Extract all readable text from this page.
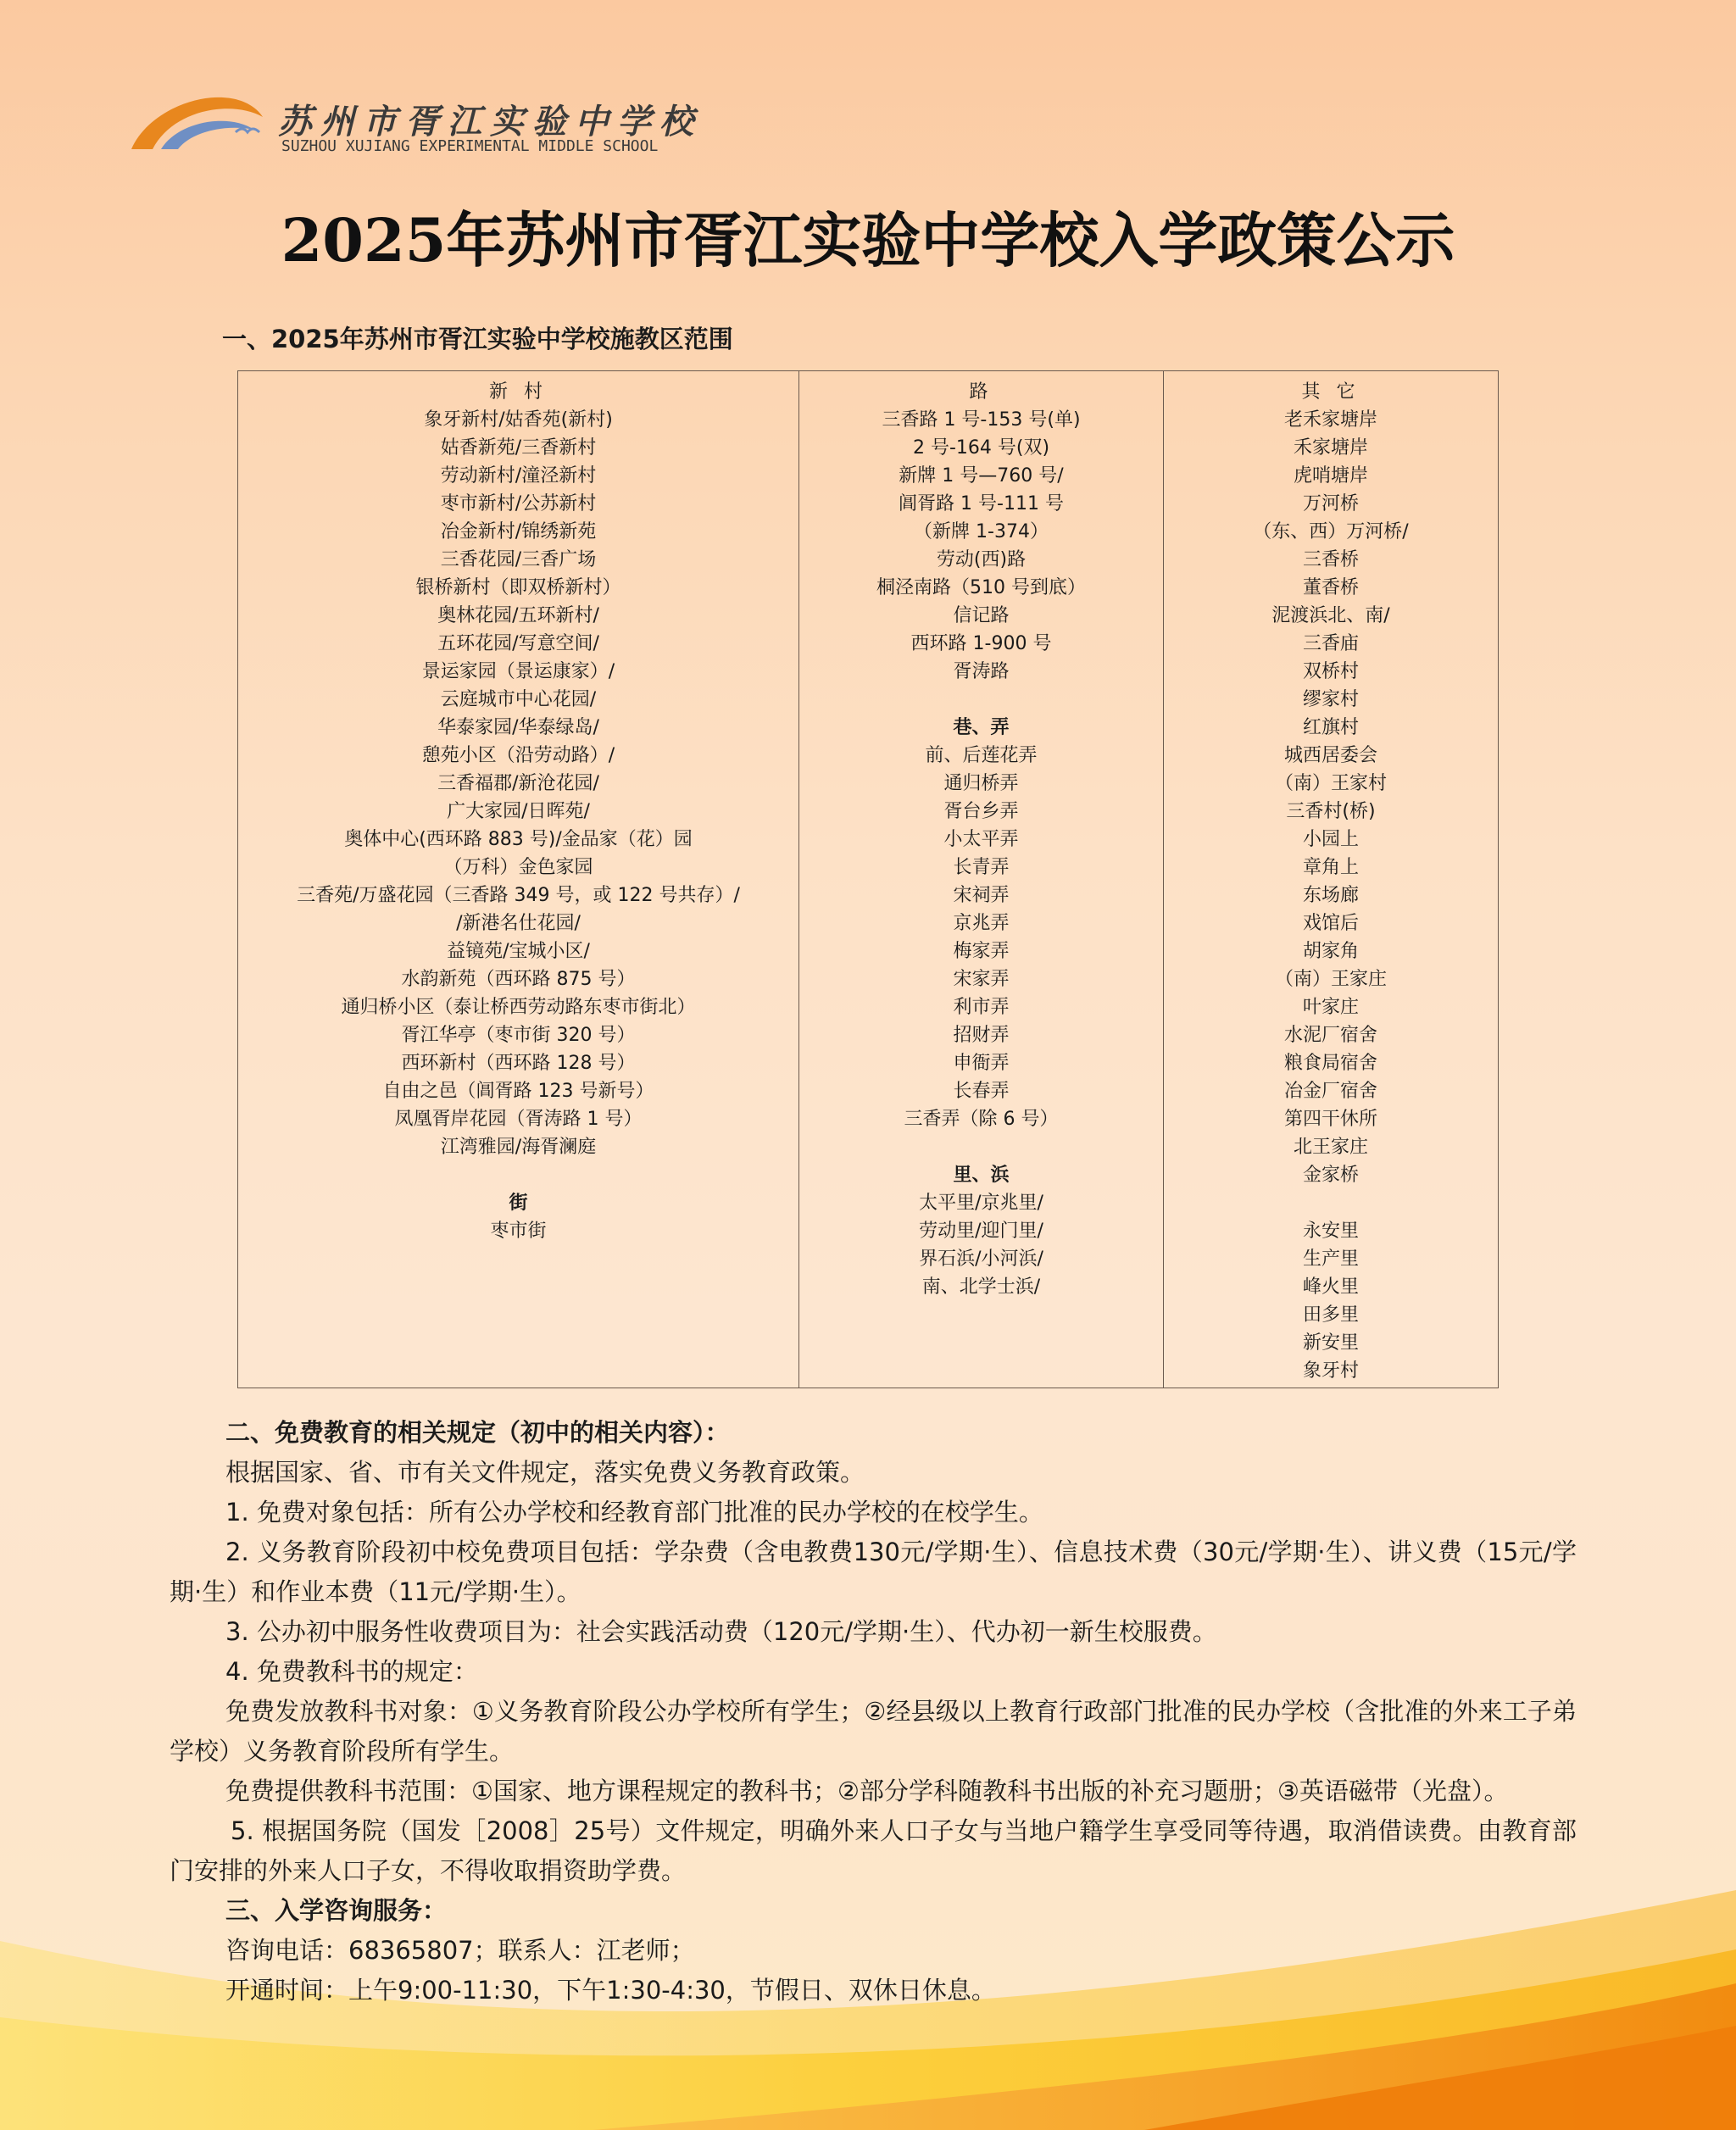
苏州市胥江实验中学校
SUZHOU XUJIANG EXPERIMENTAL MIDDLE SCHOOL
2025年苏州市胥江实验中学校入学政策公示
一、2025年苏州市胥江实验中学校施教区范围
新 村
象牙新村/姑香苑(新村)
姑香新苑/三香新村
劳动新村/潼泾新村
枣市新村/公苏新村
冶金新村/锦绣新苑
三香花园/三香广场
银桥新村（即双桥新村）
奥林花园/五环新村/
五环花园/写意空间/
景运家园（景运康家）/
云庭城市中心花园/
华泰家园/华泰绿岛/
憩苑小区（沿劳动路）/
三香福郡/新沧花园/
广大家园/日晖苑/
奥体中心(西环路 883 号)/金品家（花）园
（万科）金色家园
三香苑/万盛花园（三香路 349 号，或 122 号共存）/
/新港名仕花园/
益镜苑/宝城小区/
水韵新苑（西环路 875 号）
通归桥小区（泰让桥西劳动路东枣市街北）
胥江华亭（枣市街 320 号）
西环新村（西环路 128 号）
自由之邑（阊胥路 123 号新号）
凤凰胥岸花园（胥涛路 1 号）
江湾雅园/海胥澜庭
街
枣市街

路
三香路 1 号-153 号(单)
2 号-164 号(双)
新牌 1 号—760 号/
阊胥路 1 号-111 号
（新牌 1-374）
劳动(西)路
桐泾南路（510 号到底）
信记路
西环路 1-900 号
胥涛路
巷、弄
前、后莲花弄
通归桥弄
胥台乡弄
小太平弄
长青弄
宋祠弄
京兆弄
梅家弄
宋家弄
利市弄
招财弄
申衙弄
长春弄
三香弄（除 6 号）
里、浜
太平里/京兆里/
劳动里/迎门里/
界石浜/小河浜/
南、北学士浜/

其 它
老禾家塘岸
禾家塘岸
虎哨塘岸
万河桥
（东、西）万河桥/
三香桥
董香桥
泥渡浜北、南/
三香庙
双桥村
缪家村
红旗村
城西居委会
（南）王家村
三香村(桥)
小园上
章角上
东场廊
戏馆后
胡家角
（南）王家庄
叶家庄
水泥厂宿舍
粮食局宿舍
冶金厂宿舍
第四干休所
北王家庄
金家桥
永安里
生产里
峰火里
田多里
新安里
象牙村
二、免费教育的相关规定（初中的相关内容）：
根据国家、省、市有关文件规定，落实免费义务教育政策。
1. 免费对象包括：所有公办学校和经教育部门批准的民办学校的在校学生。
2. 义务教育阶段初中校免费项目包括：学杂费（含电教费130元/学期·生）、信息技术费（30元/学期·生）、讲义费（15元/学期·生）和作业本费（11元/学期·生）。
3. 公办初中服务性收费项目为：社会实践活动费（120元/学期·生）、代办初一新生校服费。
4. 免费教科书的规定：
免费发放教科书对象：①义务教育阶段公办学校所有学生；②经县级以上教育行政部门批准的民办学校（含批准的外来工子弟学校）义务教育阶段所有学生。
免费提供教科书范围：①国家、地方课程规定的教科书；②部分学科随教科书出版的补充习题册；③英语磁带（光盘）。
5. 根据国务院（国发［2008］25号）文件规定，明确外来人口子女与当地户籍学生享受同等待遇，取消借读费。由教育部门安排的外来人口子女，不得收取捐资助学费。
三、入学咨询服务：
咨询电话：68365807；联系人：江老师；
开通时间：上午9:00-11:30，下午1:30-4:30，节假日、双休日休息。
